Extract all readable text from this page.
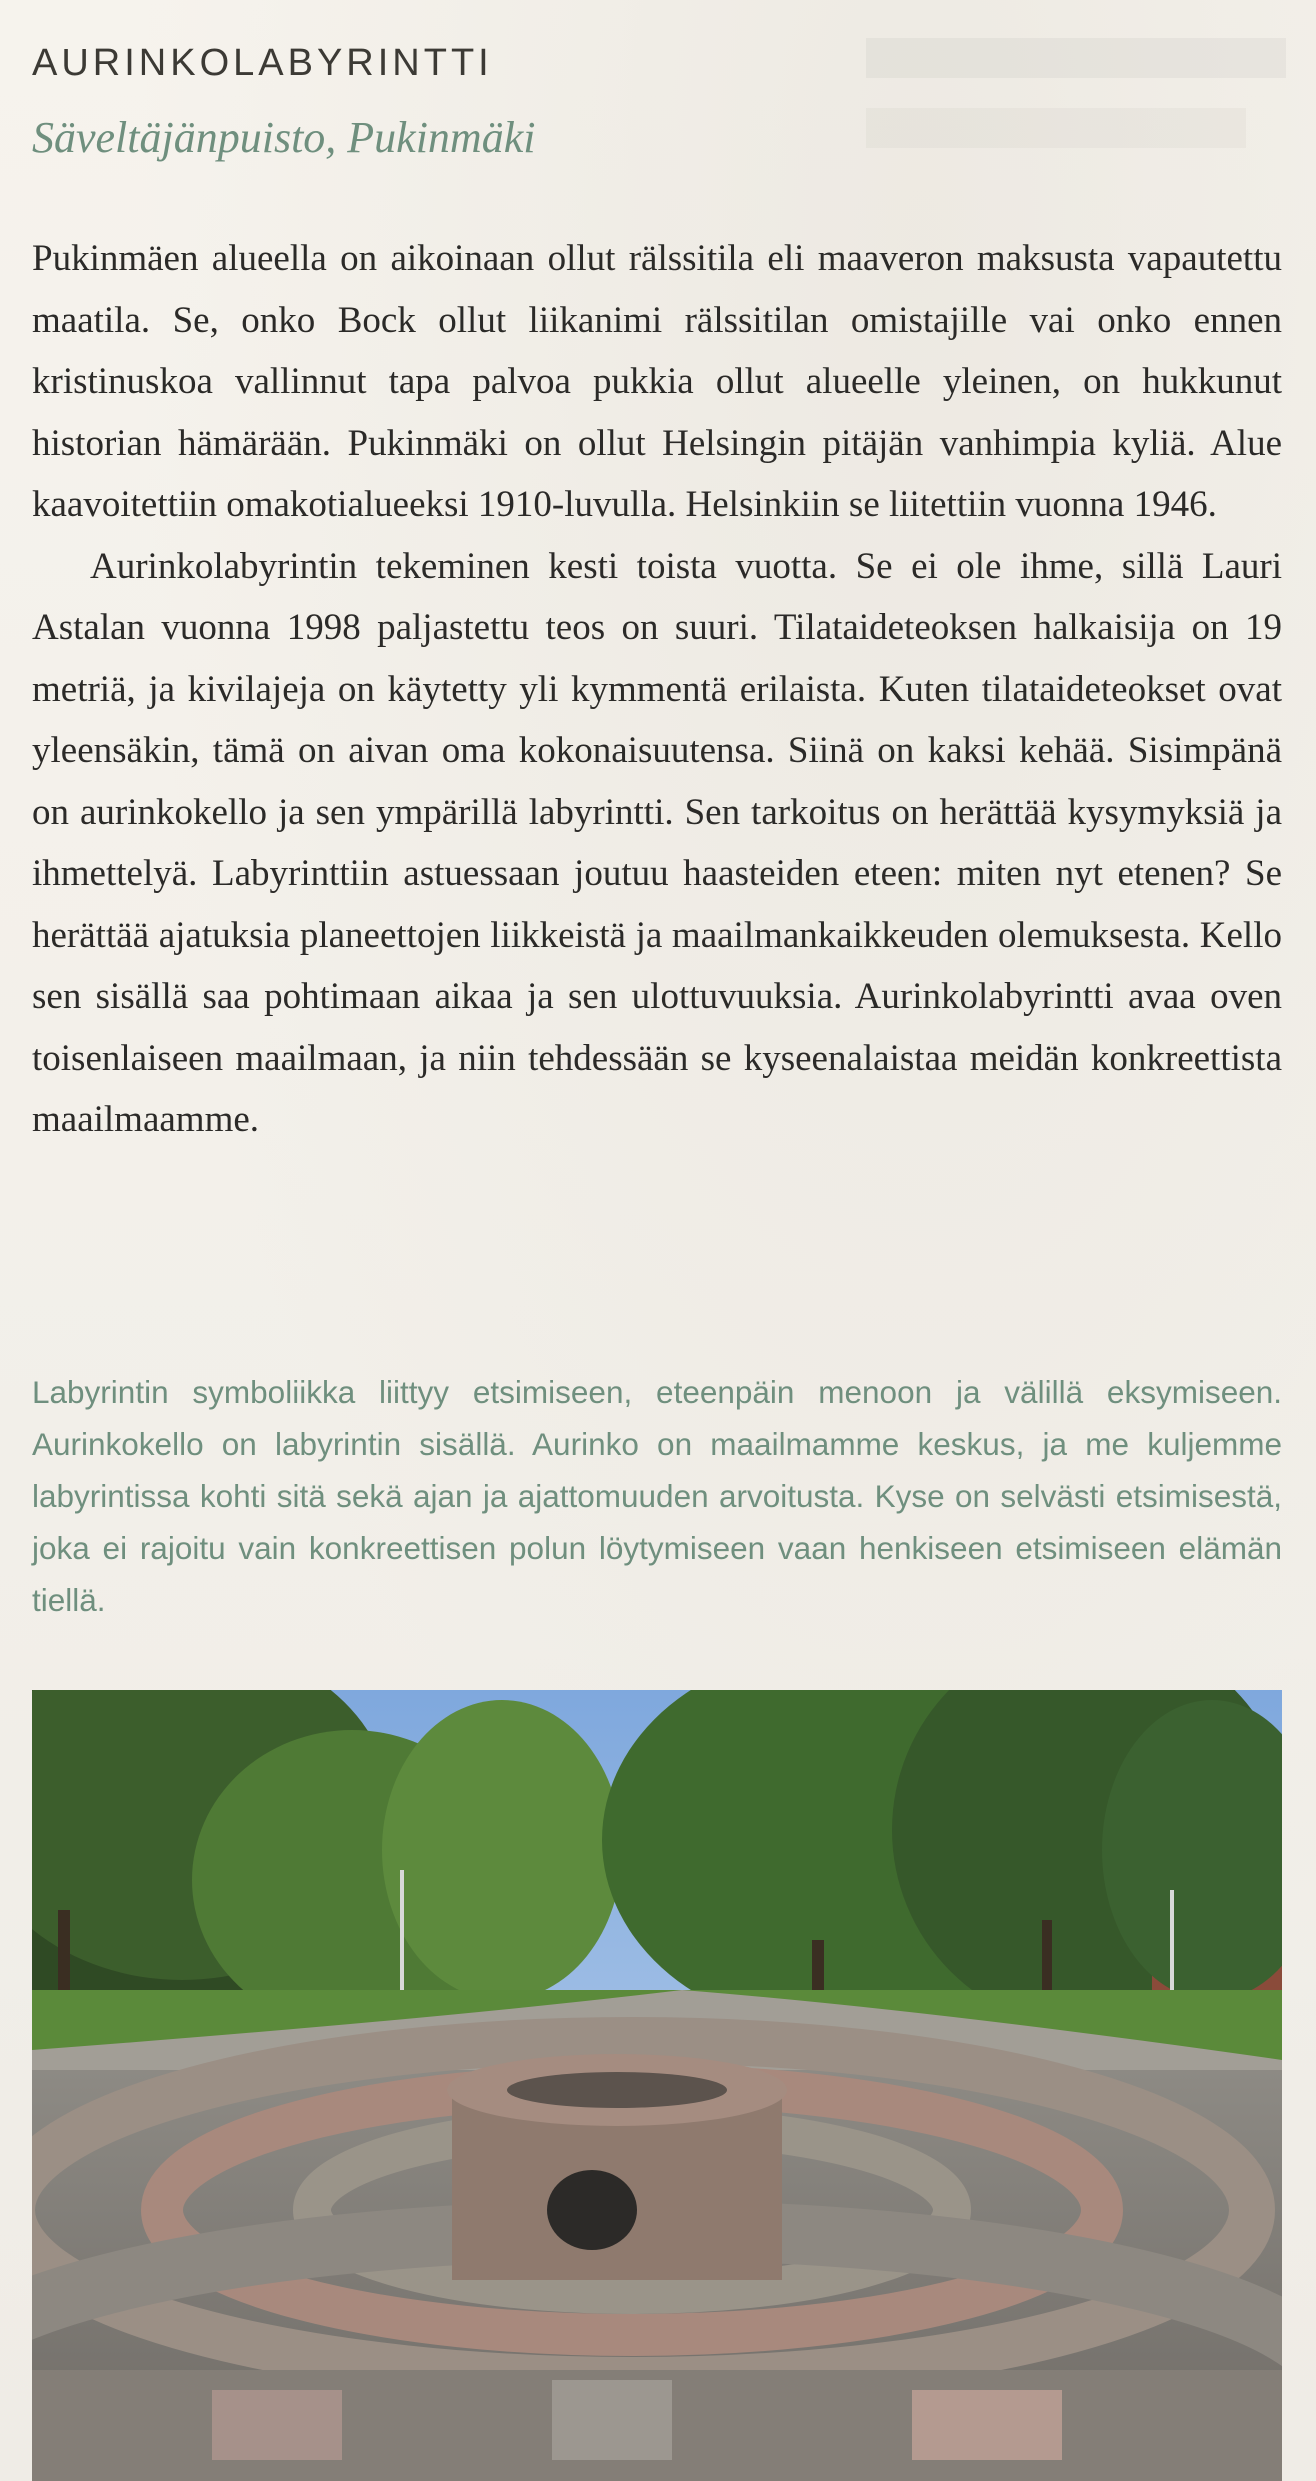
AURINKOLABYRINTTI
Säveltäjänpuisto, Pukinmäki

Pukinmäen alueella on aikoinaan ollut rälssitila eli maaveron maksusta vapautettu maatila. Se, onko Bock ollut liikanimi rälssitilan omistajille vai onko ennen kristinuskoa vallinnut tapa palvoa pukkia ollut alueelle yleinen, on hukkunut historian hämärään. Pukinmäki on ollut Helsingin pitäjän vanhimpia kyliä. Alue kaavoitettiin omakotialueeksi 1910-luvulla. Helsinkiin se liitettiin vuonna 1946.

Aurinkolabyrintin tekeminen kesti toista vuotta. Se ei ole ihme, sillä Lauri Astalan vuonna 1998 paljastettu teos on suuri. Tilataideteoksen halkaisija on 19 metriä, ja kivilajeja on käytetty yli kymmentä erilaista. Kuten tilataideteokset ovat yleensäkin, tämä on aivan oma kokonaisuutensa. Siinä on kaksi kehää. Sisimpänä on aurinkokello ja sen ympärillä labyrintti. Sen tarkoitus on herättää kysymyksiä ja ihmettelyä. Labyrinttiin astuessaan joutuu haasteiden eteen: miten nyt etenen? Se herättää ajatuksia planeettojen liikkeistä ja maailmankaikkeuden olemuksesta. Kello sen sisällä saa pohtimaan aikaa ja sen ulottuvuuksia. Aurinkolabyrintti avaa oven toisenlaiseen maailmaan, ja niin tehdessään se kyseenalaistaa meidän konkreettista maailmaamme.

Labyrintin symboliikka liittyy etsimiseen, eteenpäin menoon ja välillä eksymiseen. Aurinkokello on labyrintin sisällä. Aurinko on maailmamme keskus, ja me kuljemme labyrintissa kohti sitä sekä ajan ja ajattomuuden arvoitusta. Kyse on selvästi etsimisestä, joka ei rajoitu vain konkreettisen polun löytymiseen vaan henkiseen etsimiseen elämän tiellä.
